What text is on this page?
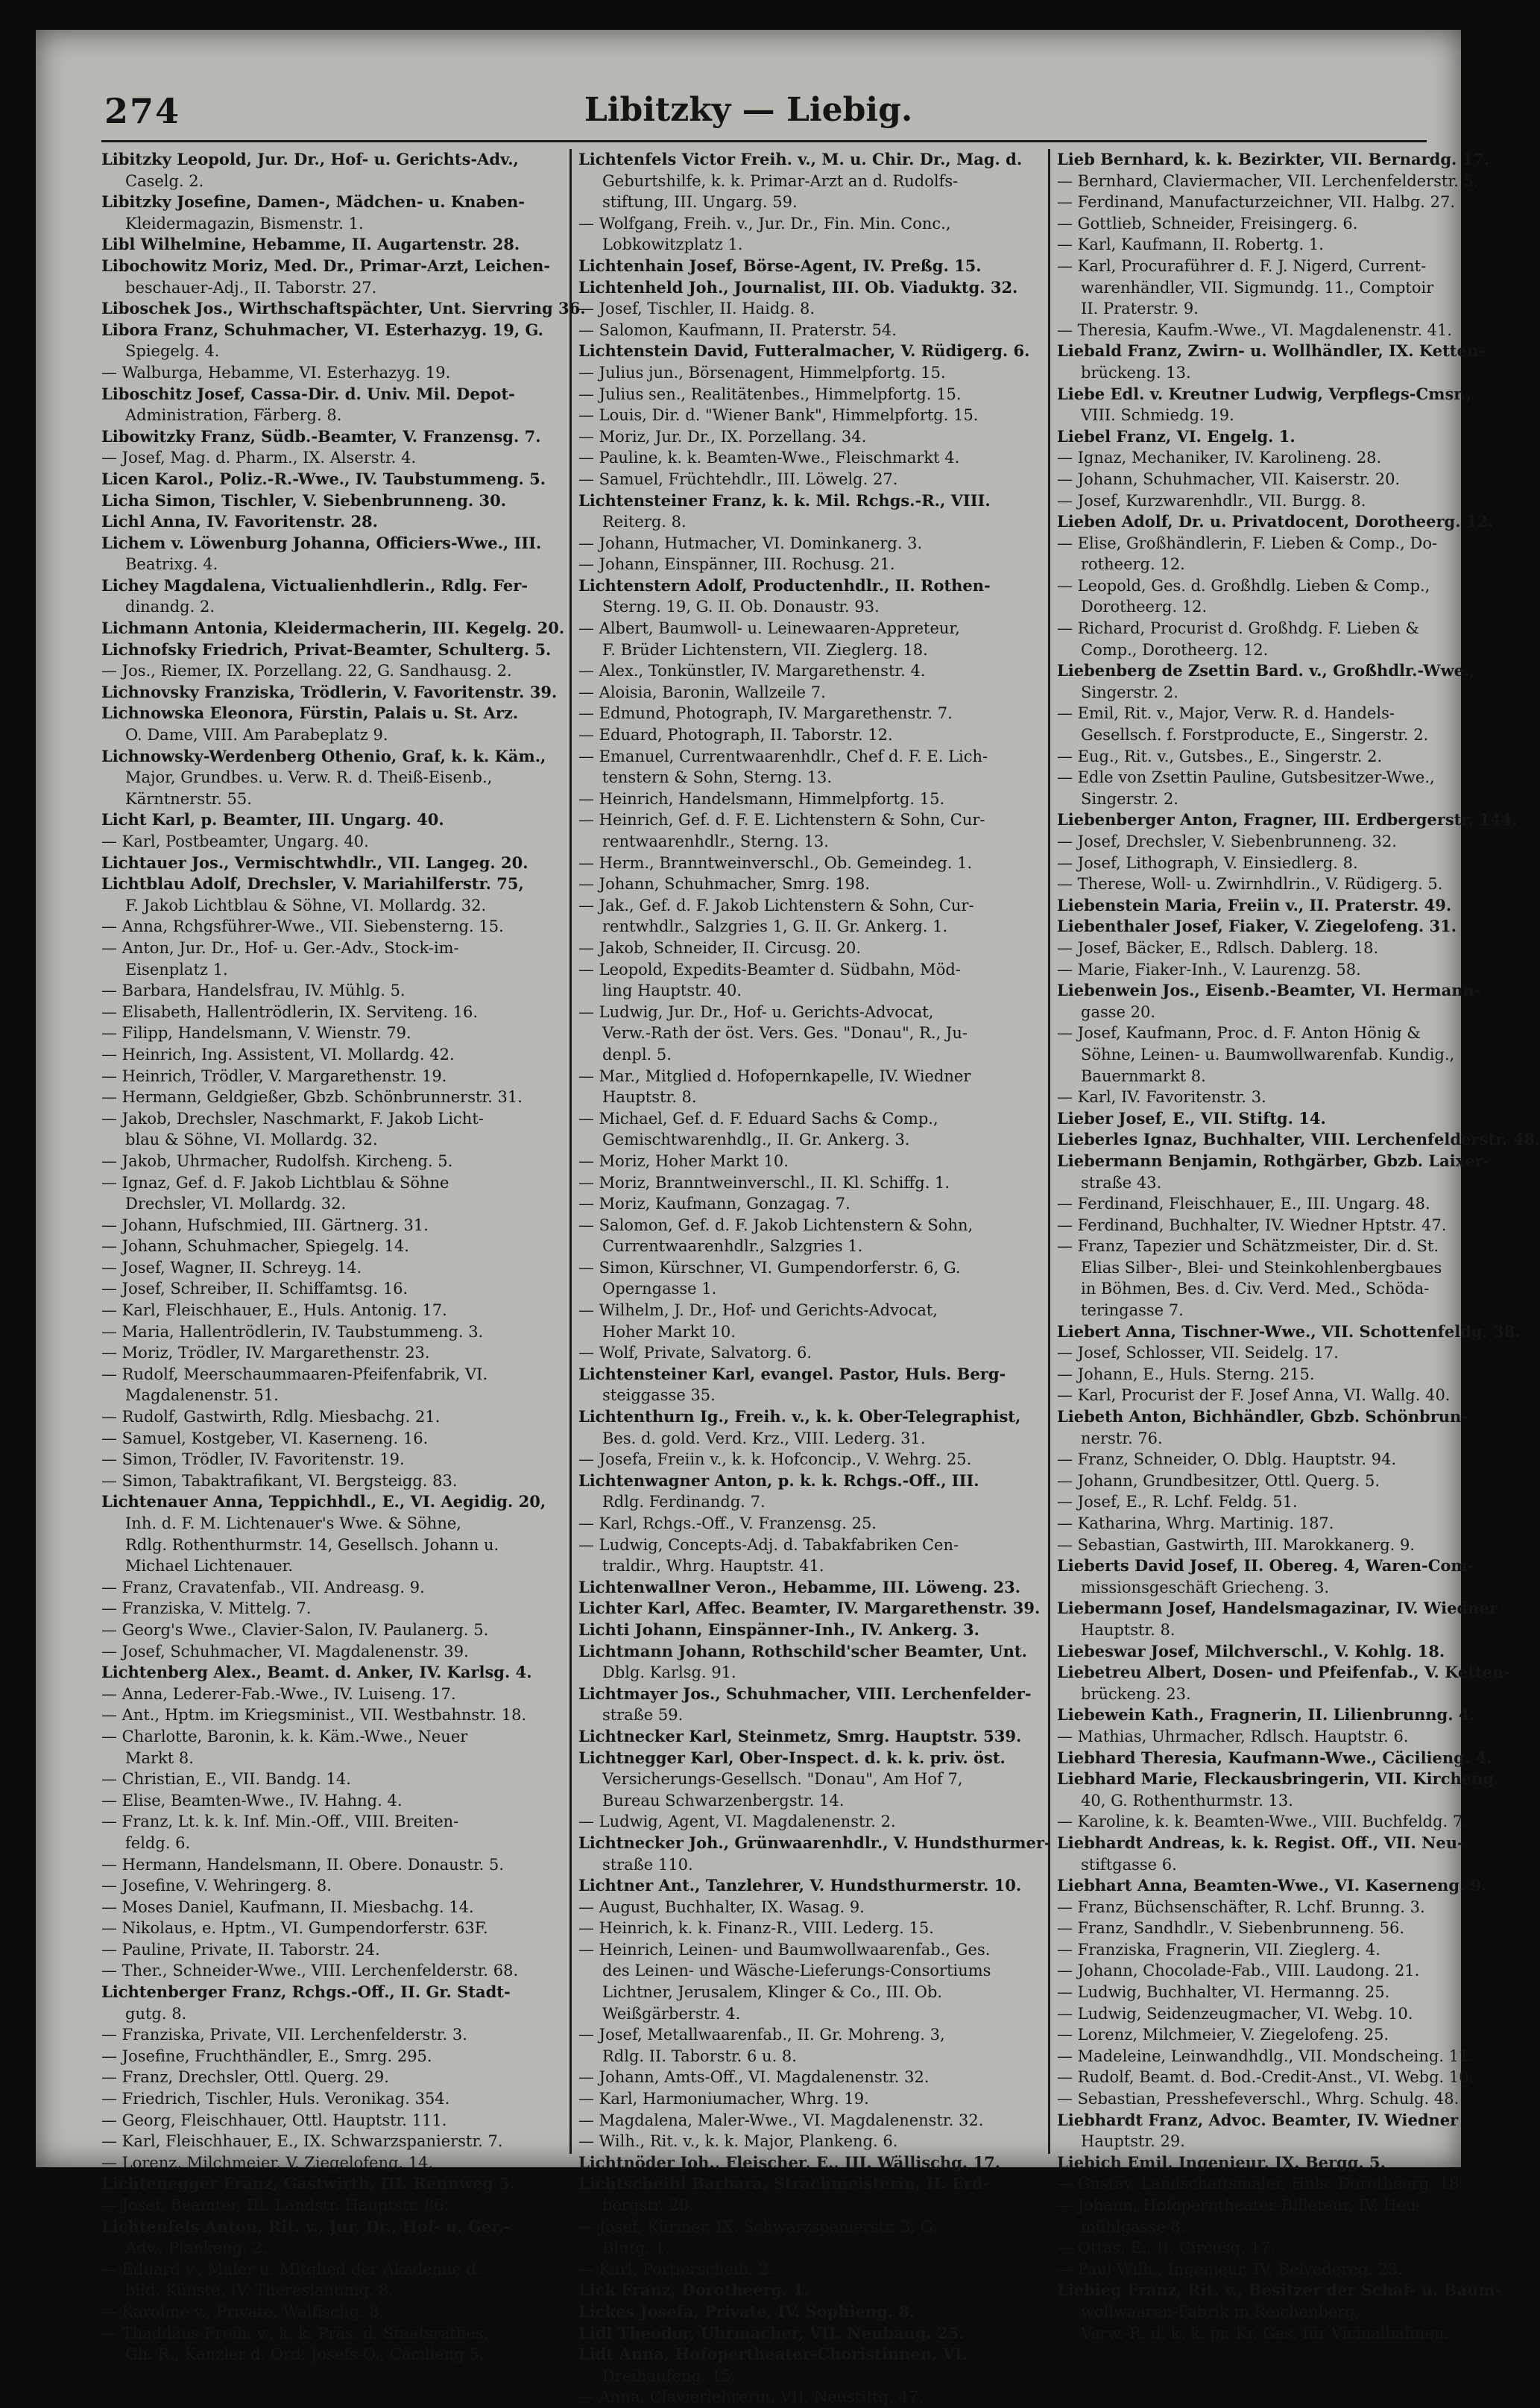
274	Libitzky — Liebig.
Libitzky Leopold, Jur. Dr., Hof- u. Gerichts-Adv.,
Caselg. 2.
Libitzky Josefine, Damen-, Mädchen- u. Knaben-
Kleidermagazin, Bismenstr. 1.
Libl Wilhelmine, Hebamme, II. Augartenstr. 28.
Libochowitz Moriz, Med. Dr., Primar-Arzt, Leichen-
beschauer-Adj., II. Taborstr. 27.
Liboschek Jos., Wirthschaftspächter, Unt. Siervring 36.
Libora Franz, Schuhmacher, VI. Esterhazyg. 19, G.
Spiegelg. 4.
— Walburga, Hebamme, VI. Esterhazyg. 19.
Liboschitz Josef, Cassa-Dir. d. Univ. Mil. Depot-
Administration, Färberg. 8.
Libowitzky Franz, Südb.-Beamter, V. Franzensg. 7.
— Josef, Mag. d. Pharm., IX. Alserstr. 4.
Licen Karol., Poliz.-R.-Wwe., IV. Taubstummeng. 5.
Licha Simon, Tischler, V. Siebenbrunneng. 30.
Lichl Anna, IV. Favoritenstr. 28.
Lichem v. Löwenburg Johanna, Officiers-Wwe., III.
Beatrixg. 4.
Lichey Magdalena, Victualienhdlerin., Rdlg. Fer-
dinandg. 2.
Lichmann Antonia, Kleidermacherin, III. Kegelg. 20.
Lichnofsky Friedrich, Privat-Beamter, Schulterg. 5.
— Jos., Riemer, IX. Porzellang. 22, G. Sandhausg. 2.
Lichnovsky Franziska, Trödlerin, V. Favoritenstr. 39.
Lichnowska Eleonora, Fürstin, Palais u. St. Arz.
O. Dame, VIII. Am Parabeplatz 9.
Lichnowsky-Werdenberg Othenio, Graf, k. k. Käm.,
Major, Grundbes. u. Verw. R. d. Theiß-Eisenb.,
Kärntnerstr. 55.
Licht Karl, p. Beamter, III. Ungarg. 40.
— Karl, Postbeamter, Ungarg. 40.
Lichtauer Jos., Vermischtwhdlr., VII. Langeg. 20.
Lichtblau Adolf, Drechsler, V. Mariahilferstr. 75,
F. Jakob Lichtblau & Söhne, VI. Mollardg. 32.
— Anna, Rchgsführer-Wwe., VII. Siebensterng. 15.
— Anton, Jur. Dr., Hof- u. Ger.-Adv., Stock-im-
Eisenplatz 1.
— Barbara, Handelsfrau, IV. Mühlg. 5.
— Elisabeth, Hallentrödlerin, IX. Serviteng. 16.
— Filipp, Handelsmann, V. Wienstr. 79.
— Heinrich, Ing. Assistent, VI. Mollardg. 42.
— Heinrich, Trödler, V. Margarethenstr. 19.
— Hermann, Geldgießer, Gbzb. Schönbrunnerstr. 31.
— Jakob, Drechsler, Naschmarkt, F. Jakob Licht-
blau & Söhne, VI. Mollardg. 32.
— Jakob, Uhrmacher, Rudolfsh. Kircheng. 5.
— Ignaz, Gef. d. F. Jakob Lichtblau & Söhne
Drechsler, VI. Mollardg. 32.
— Johann, Hufschmied, III. Gärtnerg. 31.
— Johann, Schuhmacher, Spiegelg. 14.
— Josef, Wagner, II. Schreyg. 14.
— Josef, Schreiber, II. Schiffamtsg. 16.
— Karl, Fleischhauer, E., Huls. Antonig. 17.
— Maria, Hallentrödlerin, IV. Taubstummeng. 3.
— Moriz, Trödler, IV. Margarethenstr. 23.
— Rudolf, Meerschaummaaren-Pfeifenfabrik, VI.
Magdalenenstr. 51.
— Rudolf, Gastwirth, Rdlg. Miesbachg. 21.
— Samuel, Kostgeber, VI. Kaserneng. 16.
— Simon, Trödler, IV. Favoritenstr. 19.
— Simon, Tabaktrafikant, VI. Bergsteigg. 83.
Lichtenauer Anna, Teppichhdl., E., VI. Aegidig. 20,
Inh. d. F. M. Lichtenauer's Wwe. & Söhne,
Rdlg. Rothenthurmstr. 14, Gesellsch. Johann u.
Michael Lichtenauer.
— Franz, Cravatenfab., VII. Andreasg. 9.
— Franziska, V. Mittelg. 7.
— Georg's Wwe., Clavier-Salon, IV. Paulanerg. 5.
— Josef, Schuhmacher, VI. Magdalenenstr. 39.
Lichtenberg Alex., Beamt. d. Anker, IV. Karlsg. 4.
— Anna, Lederer-Fab.-Wwe., IV. Luiseng. 17.
— Ant., Hptm. im Kriegsminist., VII. Westbahnstr. 18.
— Charlotte, Baronin, k. k. Käm.-Wwe., Neuer
Markt 8.
— Christian, E., VII. Bandg. 14.
— Elise, Beamten-Wwe., IV. Hahng. 4.
— Franz, Lt. k. k. Inf. Min.-Off., VIII. Breiten-
feldg. 6.
— Hermann, Handelsmann, II. Obere. Donaustr. 5.
— Josefine, V. Wehringerg. 8.
— Moses Daniel, Kaufmann, II. Miesbachg. 14.
— Nikolaus, e. Hptm., VI. Gumpendorferstr. 63F.
— Pauline, Private, II. Taborstr. 24.
— Ther., Schneider-Wwe., VIII. Lerchenfelderstr. 68.
Lichtenberger Franz, Rchgs.-Off., II. Gr. Stadt-
gutg. 8.
— Franziska, Private, VII. Lerchenfelderstr. 3.
— Josefine, Fruchthändler, E., Smrg. 295.
— Franz, Drechsler, Ottl. Querg. 29.
— Friedrich, Tischler, Huls. Veronikag. 354.
— Georg, Fleischhauer, Ottl. Hauptstr. 111.
— Karl, Fleischhauer, E., IX. Schwarzspanierstr. 7.
— Lorenz, Milchmeier, V. Ziegelofeng. 14.
Lichtenegger Franz, Gastwirth, III. Rennweg 5.
— Josef, Beamter, III. Landstr. Hauptstr. 86.
Lichtenfels Anton, Rit. v., Jur. Dr., Hof- u. Ger.-
Adv., Plankeng. 2.
— Eduard v., Maler u. Mitglied der Akademie d.
bild. Künste, IV. Theresianumg. 8.
— Karoline v., Private, Walfischg. 8.
— Thaddäus Freih. v., k. k. Präs. d. Staatsrathes,
Gh. R., Kanzler d. Ord. Josefs-O., Cäcilieng 5.
Lichtenfels Victor Freih. v., M. u. Chir. Dr., Mag. d.
Geburtshilfe, k. k. Primar-Arzt an d. Rudolfs-
stiftung, III. Ungarg. 59.
— Wolfgang, Freih. v., Jur. Dr., Fin. Min. Conc.,
Lobkowitzplatz 1.
Lichtenhain Josef, Börse-Agent, IV. Preßg. 15.
Lichtenheld Joh., Journalist, III. Ob. Viaduktg. 32.
— Josef, Tischler, II. Haidg. 8.
— Salomon, Kaufmann, II. Praterstr. 54.
Lichtenstein David, Futteralmacher, V. Rüdigerg. 6.
— Julius jun., Börsenagent, Himmelpfortg. 15.
— Julius sen., Realitätenbes., Himmelpfortg. 15.
— Louis, Dir. d. "Wiener Bank", Himmelpfortg. 15.
— Moriz, Jur. Dr., IX. Porzellang. 34.
— Pauline, k. k. Beamten-Wwe., Fleischmarkt 4.
— Samuel, Früchtehdlr., III. Löwelg. 27.
Lichtensteiner Franz, k. k. Mil. Rchgs.-R., VIII.
Reiterg. 8.
— Johann, Hutmacher, VI. Dominkanerg. 3.
— Johann, Einspänner, III. Rochusg. 21.
Lichtenstern Adolf, Productenhdlr., II. Rothen-
Sterng. 19, G. II. Ob. Donaustr. 93.
— Albert, Baumwoll- u. Leinewaaren-Appreteur,
F. Brüder Lichtenstern, VII. Zieglerg. 18.
— Alex., Tonkünstler, IV. Margarethenstr. 4.
— Aloisia, Baronin, Wallzeile 7.
— Edmund, Photograph, IV. Margarethenstr. 7.
— Eduard, Photograph, II. Taborstr. 12.
— Emanuel, Currentwaarenhdlr., Chef d. F. E. Lich-
tenstern & Sohn, Sterng. 13.
— Heinrich, Handelsmann, Himmelpfortg. 15.
— Heinrich, Gef. d. F. E. Lichtenstern & Sohn, Cur-
rentwaarenhdlr., Sterng. 13.
— Herm., Branntweinverschl., Ob. Gemeindeg. 1.
— Johann, Schuhmacher, Smrg. 198.
— Jak., Gef. d. F. Jakob Lichtenstern & Sohn, Cur-
rentwhdlr., Salzgries 1, G. II. Gr. Ankerg. 1.
— Jakob, Schneider, II. Circusg. 20.
— Leopold, Expedits-Beamter d. Südbahn, Möd-
ling Hauptstr. 40.
— Ludwig, Jur. Dr., Hof- u. Gerichts-Advocat,
Verw.-Rath der öst. Vers. Ges. "Donau", R., Ju-
denpl. 5.
— Mar., Mitglied d. Hofopernkapelle, IV. Wiedner
Hauptstr. 8.
— Michael, Gef. d. F. Eduard Sachs & Comp.,
Gemischtwarenhdlg., II. Gr. Ankerg. 3.
— Moriz, Hoher Markt 10.
— Moriz, Branntweinverschl., II. Kl. Schiffg. 1.
— Moriz, Kaufmann, Gonzagag. 7.
— Salomon, Gef. d. F. Jakob Lichtenstern & Sohn,
Currentwaarenhdlr., Salzgries 1.
— Simon, Kürschner, VI. Gumpendorferstr. 6, G.
Operngasse 1.
— Wilhelm, J. Dr., Hof- und Gerichts-Advocat,
Hoher Markt 10.
— Wolf, Private, Salvatorg. 6.
Lichtensteiner Karl, evangel. Pastor, Huls. Berg-
steiggasse 35.
Lichtenthurn Ig., Freih. v., k. k. Ober-Telegraphist,
Bes. d. gold. Verd. Krz., VIII. Lederg. 31.
— Josefa, Freiin v., k. k. Hofconcip., V. Wehrg. 25.
Lichtenwagner Anton, p. k. k. Rchgs.-Off., III.
Rdlg. Ferdinandg. 7.
— Karl, Rchgs.-Off., V. Franzensg. 25.
— Ludwig, Concepts-Adj. d. Tabakfabriken Cen-
traldir., Whrg. Hauptstr. 41.
Lichtenwallner Veron., Hebamme, III. Löweng. 23.
Lichter Karl, Affec. Beamter, IV. Margarethenstr. 39.
Lichti Johann, Einspänner-Inh., IV. Ankerg. 3.
Lichtmann Johann, Rothschild'scher Beamter, Unt.
Dblg. Karlsg. 91.
Lichtmayer Jos., Schuhmacher, VIII. Lerchenfelder-
straße 59.
Lichtnecker Karl, Steinmetz, Smrg. Hauptstr. 539.
Lichtnegger Karl, Ober-Inspect. d. k. k. priv. öst.
Versicherungs-Gesellsch. "Donau", Am Hof 7,
Bureau Schwarzenbergstr. 14.
— Ludwig, Agent, VI. Magdalenenstr. 2.
Lichtnecker Joh., Grünwaarenhdlr., V. Hundsthurmer-
straße 110.
Lichtner Ant., Tanzlehrer, V. Hundsthurmerstr. 10.
— August, Buchhalter, IX. Wasag. 9.
— Heinrich, k. k. Finanz-R., VIII. Lederg. 15.
— Heinrich, Leinen- und Baumwollwaarenfab., Ges.
des Leinen- und Wäsche-Lieferungs-Consortiums
Lichtner, Jerusalem, Klinger & Co., III. Ob.
Weißgärberstr. 4.
— Josef, Metallwaarenfab., II. Gr. Mohreng. 3,
Rdlg. II. Taborstr. 6 u. 8.
— Johann, Amts-Off., VI. Magdalenenstr. 32.
— Karl, Harmoniumacher, Whrg. 19.
— Magdalena, Maler-Wwe., VI. Magdalenenstr. 32.
— Wilh., Rit. v., k. k. Major, Plankeng. 6.
Lichtnöder Joh., Fleischer, E., III. Wällischg. 17.
Lichtscheibl Barbara, Strachmeisterin, II. Erd-
bergstr. 20.
— Josef, Kürmer, IX. Schwarzspanierstr. 3, G.
Blutg. 1.
— Karl, Portierscheib. 2.
Lick Franz, Dorotheerg. 1.
Lickes Josefa, Private, IV. Sophieng. 8.
Lidl Theodor, Uhrmacher, VII. Neubaug. 25.
Lidt Anna, Hofopertheater-Choristinnen, VI.
Dreihaufeng. 15.
— Anna, Clavierlehrerin, VII. Neustiftg. 47.
Lieb Bernhard, k. k. Bezirkter, VII. Bernardg. 17.
— Bernhard, Claviermacher, VII. Lerchenfelderstr. 5.
— Ferdinand, Manufacturzeichner, VII. Halbg. 27.
— Gottlieb, Schneider, Freisingerg. 6.
— Karl, Kaufmann, II. Robertg. 1.
— Karl, Procuraführer d. F. J. Nigerd, Current-
warenhändler, VII. Sigmundg. 11., Comptoir
II. Praterstr. 9.
— Theresia, Kaufm.-Wwe., VI. Magdalenenstr. 41.
Liebald Franz, Zwirn- u. Wollhändler, IX. Ketten-
brückeng. 13.
Liebe Edl. v. Kreutner Ludwig, Verpflegs-Cmsr.,
VIII. Schmiedg. 19.
Liebel Franz, VI. Engelg. 1.
— Ignaz, Mechaniker, IV. Karolineng. 28.
— Johann, Schuhmacher, VII. Kaiserstr. 20.
— Josef, Kurzwarenhdlr., VII. Burgg. 8.
Lieben Adolf, Dr. u. Privatdocent, Dorotheerg. 12.
— Elise, Großhändlerin, F. Lieben & Comp., Do-
rotheerg. 12.
— Leopold, Ges. d. Großhdlg. Lieben & Comp.,
Dorotheerg. 12.
— Richard, Procurist d. Großhdg. F. Lieben &
Comp., Dorotheerg. 12.
Liebenberg de Zsettin Bard. v., Großhdlr.-Wwe.,
Singerstr. 2.
— Emil, Rit. v., Major, Verw. R. d. Handels-
Gesellsch. f. Forstproducte, E., Singerstr. 2.
— Eug., Rit. v., Gutsbes., E., Singerstr. 2.
— Edle von Zsettin Pauline, Gutsbesitzer-Wwe.,
Singerstr. 2.
Liebenberger Anton, Fragner, III. Erdbergerstr. 144.
— Josef, Drechsler, V. Siebenbrunneng. 32.
— Josef, Lithograph, V. Einsiedlerg. 8.
— Therese, Woll- u. Zwirnhdlrin., V. Rüdigerg. 5.
Liebenstein Maria, Freiin v., II. Praterstr. 49.
Liebenthaler Josef, Fiaker, V. Ziegelofeng. 31.
— Josef, Bäcker, E., Rdlsch. Dablerg. 18.
— Marie, Fiaker-Inh., V. Laurenzg. 58.
Liebenwein Jos., Eisenb.-Beamter, VI. Hermann-
gasse 20.
— Josef, Kaufmann, Proc. d. F. Anton Hönig &
Söhne, Leinen- u. Baumwollwarenfab. Kundig.,
Bauernmarkt 8.
— Karl, IV. Favoritenstr. 3.
Lieber Josef, E., VII. Stiftg. 14.
Lieberles Ignaz, Buchhalter, VIII. Lerchenfelderstr. 48.
Liebermann Benjamin, Rothgärber, Gbzb. Laixer-
straße 43.
— Ferdinand, Fleischhauer, E., III. Ungarg. 48.
— Ferdinand, Buchhalter, IV. Wiedner Hptstr. 47.
— Franz, Tapezier und Schätzmeister, Dir. d. St.
Elias Silber-, Blei- und Steinkohlenbergbaues
in Böhmen, Bes. d. Civ. Verd. Med., Schöda-
teringasse 7.
Liebert Anna, Tischner-Wwe., VII. Schottenfeldg. 38.
— Josef, Schlosser, VII. Seidelg. 17.
— Johann, E., Huls. Sterng. 215.
— Karl, Procurist der F. Josef Anna, VI. Wallg. 40.
Liebeth Anton, Bichhändler, Gbzb. Schönbrun-
nerstr. 76.
— Franz, Schneider, O. Dblg. Hauptstr. 94.
— Johann, Grundbesitzer, Ottl. Querg. 5.
— Josef, E., R. Lchf. Feldg. 51.
— Katharina, Whrg. Martinig. 187.
— Sebastian, Gastwirth, III. Marokkanerg. 9.
Lieberts David Josef, II. Obereg. 4, Waren-Com-
missionsgeschäft Griecheng. 3.
Liebermann Josef, Handelsmagazinar, IV. Wiedner
Hauptstr. 8.
Liebeswar Josef, Milchverschl., V. Kohlg. 18.
Liebetreu Albert, Dosen- und Pfeifenfab., V. Ketten-
brückeng. 23.
Liebewein Kath., Fragnerin, II. Lilienbrunng. 4.
— Mathias, Uhrmacher, Rdlsch. Hauptstr. 6.
Liebhard Theresia, Kaufmann-Wwe., Cäcilieng. 4.
Liebhard Marie, Fleckausbringerin, VII. Kircheng.
40, G. Rothenthurmstr. 13.
— Karoline, k. k. Beamten-Wwe., VIII. Buchfeldg. 7.
Liebhardt Andreas, k. k. Regist. Off., VII. Neu-
stiftgasse 6.
Liebhart Anna, Beamten-Wwe., VI. Kaserneng. 9.
— Franz, Büchsenschäfter, R. Lchf. Brunng. 3.
— Franz, Sandhdlr., V. Siebenbrunneng. 56.
— Franziska, Fragnerin, VII. Zieglerg. 4.
— Johann, Chocolade-Fab., VIII. Laudong. 21.
— Ludwig, Buchhalter, VI. Hermanng. 25.
— Ludwig, Seidenzeugmacher, VI. Webg. 10.
— Lorenz, Milchmeier, V. Ziegelofeng. 25.
— Madeleine, Leinwandhdlg., VII. Mondscheing. 11.
— Rudolf, Beamt. d. Bod.-Credit-Anst., VI. Webg. 10.
— Sebastian, Presshefeverschl., Whrg. Schulg. 48.
Liebhardt Franz, Advoc. Beamter, IV. Wiedner
Hauptstr. 29.
Liebich Emil, Ingenieur, IX. Bergg. 5.
— Gustav, Landschaftsmaler, Huls. Dorotheerg. 18.
— Johann, Hofoperntheater-Billeteur, IV. Heu-
mühlgasse 8.
— Ottas, E., II. Circusg. 17.
— Paul Wilh., Ingenieur, IV. Belvedereg. 23.
Liebieg Franz, Rit. v., Besitzer der Schaf- u. Baum-
wollwaaren-Fabrik in Reichenberg,
Verw.-R. d. k. k. pr. Kr. Ges. für Vicinalbahnen.
